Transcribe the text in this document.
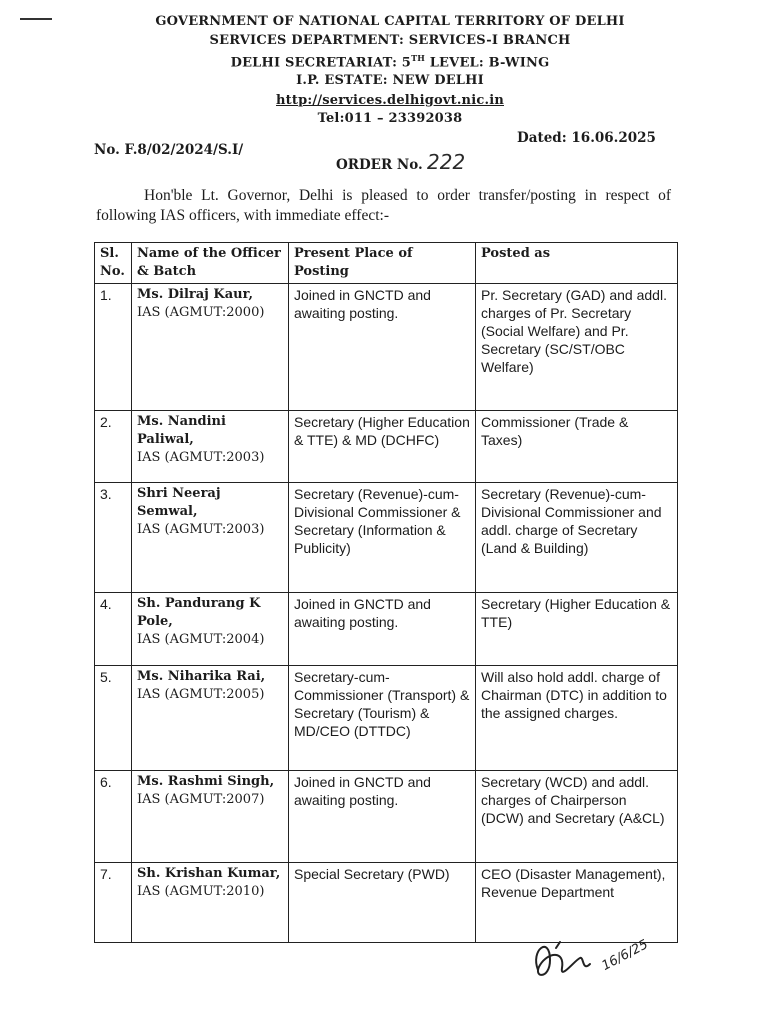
GOVERNMENT OF NATIONAL CAPITAL TERRITORY OF DELHI
SERVICES DEPARTMENT: SERVICES-I BRANCH
DELHI SECRETARIAT: 5TH LEVEL: B-WING
I.P. ESTATE: NEW DELHI
http://services.delhigovt.nic.in
Tel:011 – 23392038
No. F.8/02/2024/S.I/
Dated: 16.06.2025
ORDER No. 222

Hon'ble Lt. Governor, Delhi is pleased to order transfer/posting in respect of following IAS officers, with immediate effect:-

Sl. No.	Name of the Officer & Batch	Present Place of Posting	Posted as
1.	Ms. Dilraj Kaur,
IAS (AGMUT:2000)	Joined in GNCTD and awaiting posting.	Pr. Secretary (GAD) and addl. charges of Pr. Secretary (Social Welfare) and Pr. Secretary (SC/ST/OBC Welfare)
2.	Ms. Nandini Paliwal,
IAS (AGMUT:2003)	Secretary (Higher Education & TTE) & MD (DCHFC)	Commissioner (Trade & Taxes)
3.	Shri Neeraj Semwal,
IAS (AGMUT:2003)	Secretary (Revenue)-cum-Divisional Commissioner & Secretary (Information & Publicity)	Secretary (Revenue)-cum-Divisional Commissioner and addl. charge of Secretary (Land & Building)
4.	Sh. Pandurang K Pole,
IAS (AGMUT:2004)	Joined in GNCTD and awaiting posting.	Secretary (Higher Education & TTE)
5.	Ms. Niharika Rai,
IAS (AGMUT:2005)	Secretary-cum-Commissioner (Transport) & Secretary (Tourism) & MD/CEO (DTTDC)	Will also hold addl. charge of Chairman (DTC) in addition to the assigned charges.
6.	Ms. Rashmi Singh,
IAS (AGMUT:2007)	Joined in GNCTD and awaiting posting.	Secretary (WCD) and addl. charges of Chairperson (DCW) and Secretary (A&CL)
7.	Sh. Krishan Kumar,
IAS (AGMUT:2010)	Special Secretary (PWD)	CEO (Disaster Management), Revenue Department
16/6/25
